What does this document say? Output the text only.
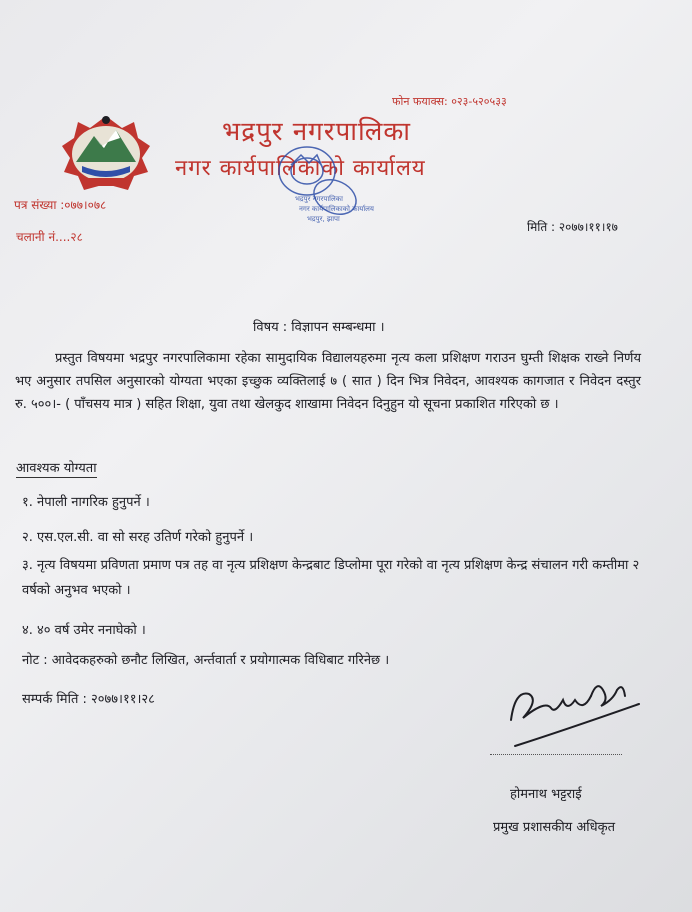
फोन फयाक्स: ०२३-५२०५३३
भद्रपुर नगरपालिका
नगर कार्यपालिकाको कार्यालय
भद्रपुर नगरपालिका
नगर कार्यपालिकाको कार्यालय
भद्रपुर, झापा
पत्र संख्या :०७७।०७८
चलानी नं....२८
मिति : २०७७।११।१७
विषय : विज्ञापन सम्बन्धमा ।
प्रस्तुत विषयमा भद्रपुर नगरपालिकामा रहेका सामुदायिक विद्यालयहरुमा नृत्य कला प्रशिक्षण गराउन घुम्ती शिक्षक राख्ने निर्णय भए अनुसार तपसिल अनुसारको योग्यता भएका इच्छुक व्यक्तिलाई ७ ( सात ) दिन भित्र निवेदन, आवश्यक कागजात र निवेदन दस्तुर रु. ५००।- ( पाँचसय मात्र ) सहित शिक्षा, युवा तथा खेलकुद शाखामा निवेदन दिनुहुन यो सूचना प्रकाशित गरिएको छ ।
आवश्यक योग्यता
१. नेपाली नागरिक हुनुपर्ने ।
२. एस.एल.सी. वा सो सरह उतिर्ण गरेको हुनुपर्ने ।
३. नृत्य विषयमा प्रविणता प्रमाण पत्र तह वा नृत्य प्रशिक्षण केन्द्रबाट डिप्लोमा पूरा गरेको वा नृत्य प्रशिक्षण केन्द्र संचालन गरी कम्तीमा २ वर्षको अनुभव भएको ।
४. ४० वर्ष उमेर ननाघेको ।
नोट : आवेदकहरुको छनौट लिखित, अर्न्तवार्ता र प्रयोगात्मक विधिबाट गरिनेछ ।
सम्पर्क मिति : २०७७।११।२८
होमनाथ भट्टराई
प्रमुख प्रशासकीय अधिकृत
